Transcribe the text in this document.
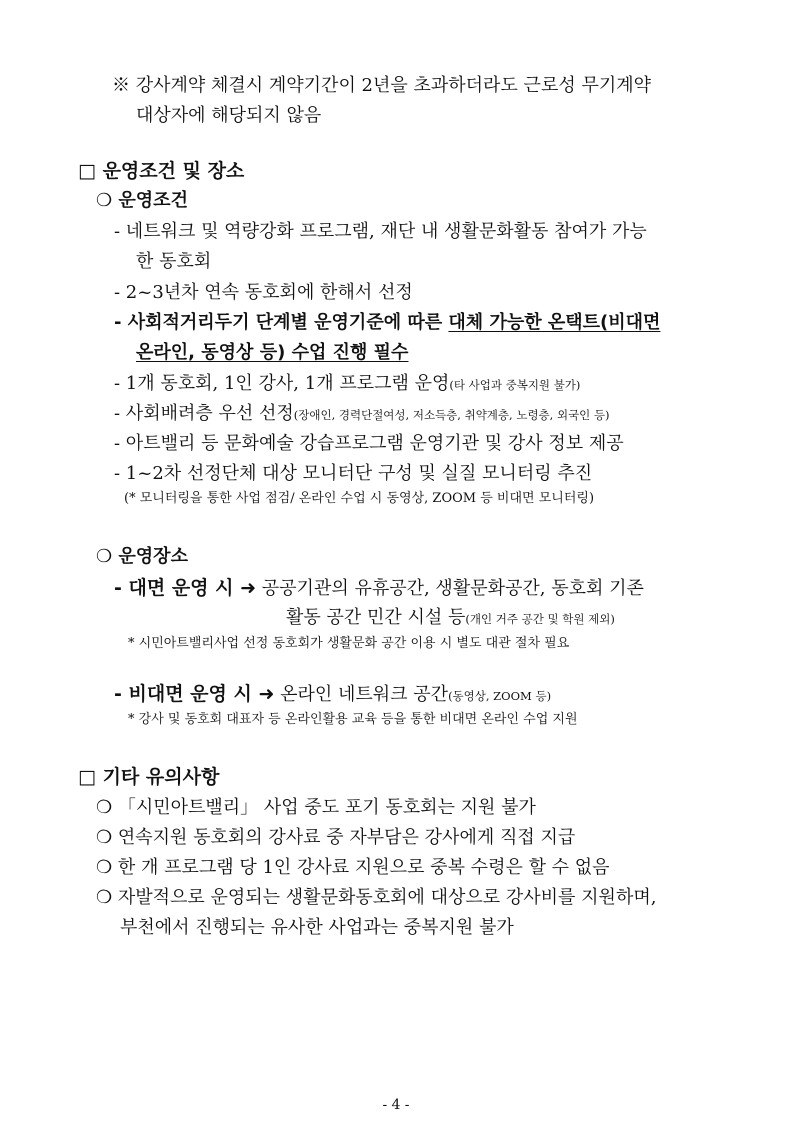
※ 강사계약 체결시 계약기간이 2년을 초과하더라도 근로성 무기계약
대상자에 해당되지 않음
□ 운영조건 및 장소
❍ 운영조건
- 네트워크 및 역량강화 프로그램, 재단 내 생활문화활동 참여가 가능
한 동호회
- 2~3년차 연속 동호회에 한해서 선정
- 사회적거리두기 단계별 운영기준에 따른 대체 가능한 온택트(비대면
온라인, 동영상 등) 수업 진행 필수
- 1개 동호회, 1인 강사, 1개 프로그램 운영(타 사업과 중복지원 불가)
- 사회배려층 우선 선정(장애인, 경력단절여성, 저소득층, 취약계층, 노령층, 외국인 등)
- 아트밸리 등 문화예술 강습프로그램 운영기관 및 강사 정보 제공
- 1~2차 선정단체 대상 모니터단 구성 및 실질 모니터링 추진
(* 모니터링을 통한 사업 점검/ 온라인 수업 시 동영상, ZOOM 등 비대면 모니터링)
❍ 운영장소
- 대면 운영 시 ➜ 공공기관의 유휴공간, 생활문화공간, 동호회 기존
활동 공간 민간 시설 등(개인 거주 공간 및 학원 제외)
* 시민아트밸리사업 선정 동호회가 생활문화 공간 이용 시 별도 대관 절차 필요
- 비대면 운영 시 ➜ 온라인 네트워크 공간(동영상, ZOOM 등)
* 강사 및 동호회 대표자 등 온라인활용 교육 등을 통한 비대면 온라인 수업 지원
□ 기타 유의사항
❍ 「시민아트밸리」 사업 중도 포기 동호회는 지원 불가
❍ 연속지원 동호회의 강사료 중 자부담은 강사에게 직접 지급
❍ 한 개 프로그램 당 1인 강사료 지원으로 중복 수령은 할 수 없음
❍ 자발적으로 운영되는 생활문화동호회에 대상으로 강사비를 지원하며,
부천에서 진행되는 유사한 사업과는 중복지원 불가
- 4 -
